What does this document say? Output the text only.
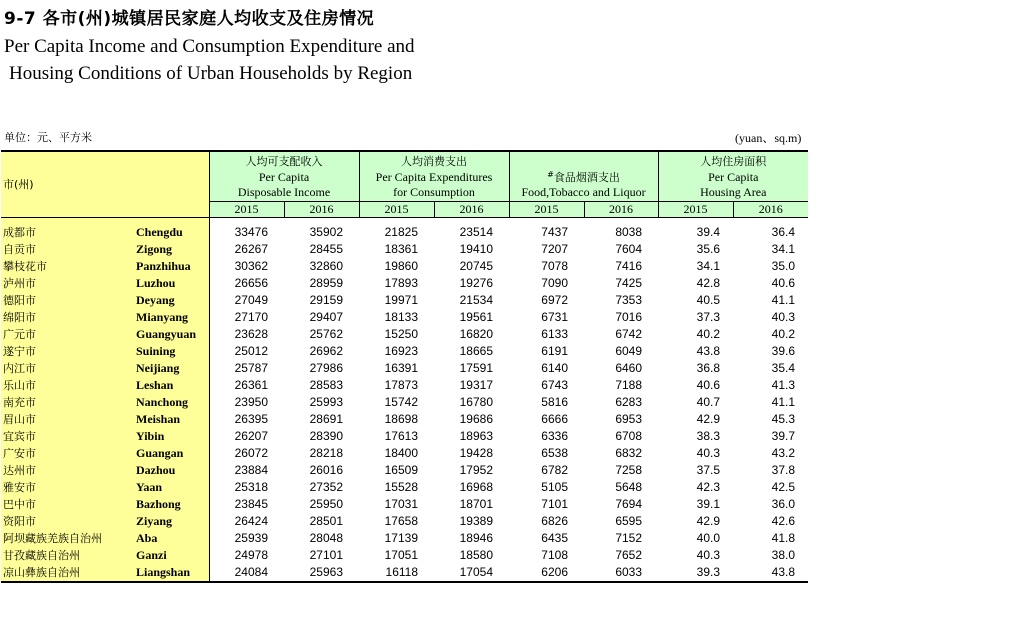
9-7 各市(州)城镇居民家庭人均收支及住房情况
Per Capita Income and Consumption Expenditure and
Housing Conditions of Urban Households by Region
单位：元、平方米	(yuan、sq.m)
市(州)		人均可支配收入		人均消费支出		#食品烟酒支出		人均住房面积	
		Per Capita		Per Capita Expenditures				Per Capita	
		Disposable Income		for Consumption		Food,Tobacco and Liquor		Housing Area	
		2015	2016	2015	2016	2015	2016	2015	2016

成都市	Chengdu	33476	35902	21825	23514	7437	8038	39.4	36.4
自贡市	Zigong	26267	28455	18361	19410	7207	7604	35.6	34.1
攀枝花市	Panzhihua	30362	32860	19860	20745	7078	7416	34.1	35.0
泸州市	Luzhou	26656	28959	17893	19276	7090	7425	42.8	40.6
德阳市	Deyang	27049	29159	19971	21534	6972	7353	40.5	41.1
绵阳市	Mianyang	27170	29407	18133	19561	6731	7016	37.3	40.3
广元市	Guangyuan	23628	25762	15250	16820	6133	6742	40.2	40.2
遂宁市	Suining	25012	26962	16923	18665	6191	6049	43.8	39.6
内江市	Neijiang	25787	27986	16391	17591	6140	6460	36.8	35.4
乐山市	Leshan	26361	28583	17873	19317	6743	7188	40.6	41.3
南充市	Nanchong	23950	25993	15742	16780	5816	6283	40.7	41.1
眉山市	Meishan	26395	28691	18698	19686	6666	6953	42.9	45.3
宜宾市	Yibin	26207	28390	17613	18963	6336	6708	38.3	39.7
广安市	Guangan	26072	28218	18400	19428	6538	6832	40.3	43.2
达州市	Dazhou	23884	26016	16509	17952	6782	7258	37.5	37.8
雅安市	Yaan	25318	27352	15528	16968	5105	5648	42.3	42.5
巴中市	Bazhong	23845	25950	17031	18701	7101	7694	39.1	36.0
资阳市	Ziyang	26424	28501	17658	19389	6826	6595	42.9	42.6
阿坝藏族羌族自治州	Aba	25939	28048	17139	18946	6435	7152	40.0	41.8
甘孜藏族自治州	Ganzi	24978	27101	17051	18580	7108	7652	40.3	38.0
凉山彝族自治州	Liangshan	24084	25963	16118	17054	6206	6033	39.3	43.8
